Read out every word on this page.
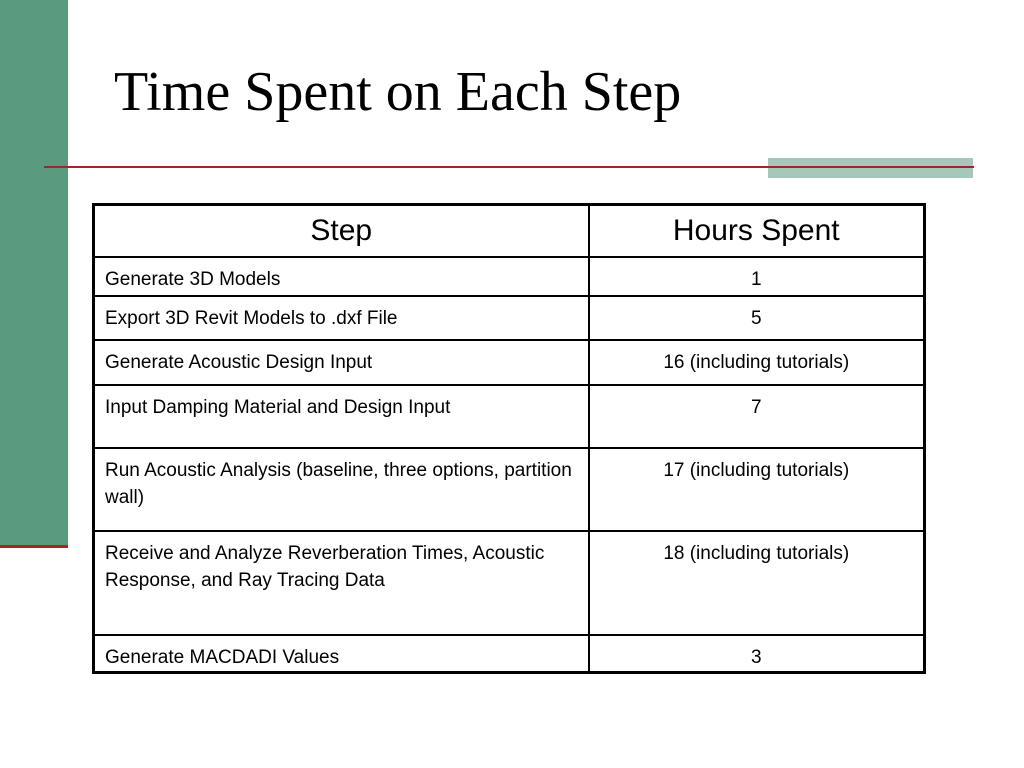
Time Spent on Each Step
Step	Hours Spent
Generate 3D Models	1
Export 3D Revit Models to .dxf File	5
Generate Acoustic Design Input	16 (including tutorials)
Input Damping Material and Design Input	7
Run Acoustic Analysis (baseline, three options, partition wall)	17 (including tutorials)
Receive and Analyze Reverberation Times, Acoustic Response, and Ray Tracing Data	18 (including tutorials)
Generate MACDADI Values	3
